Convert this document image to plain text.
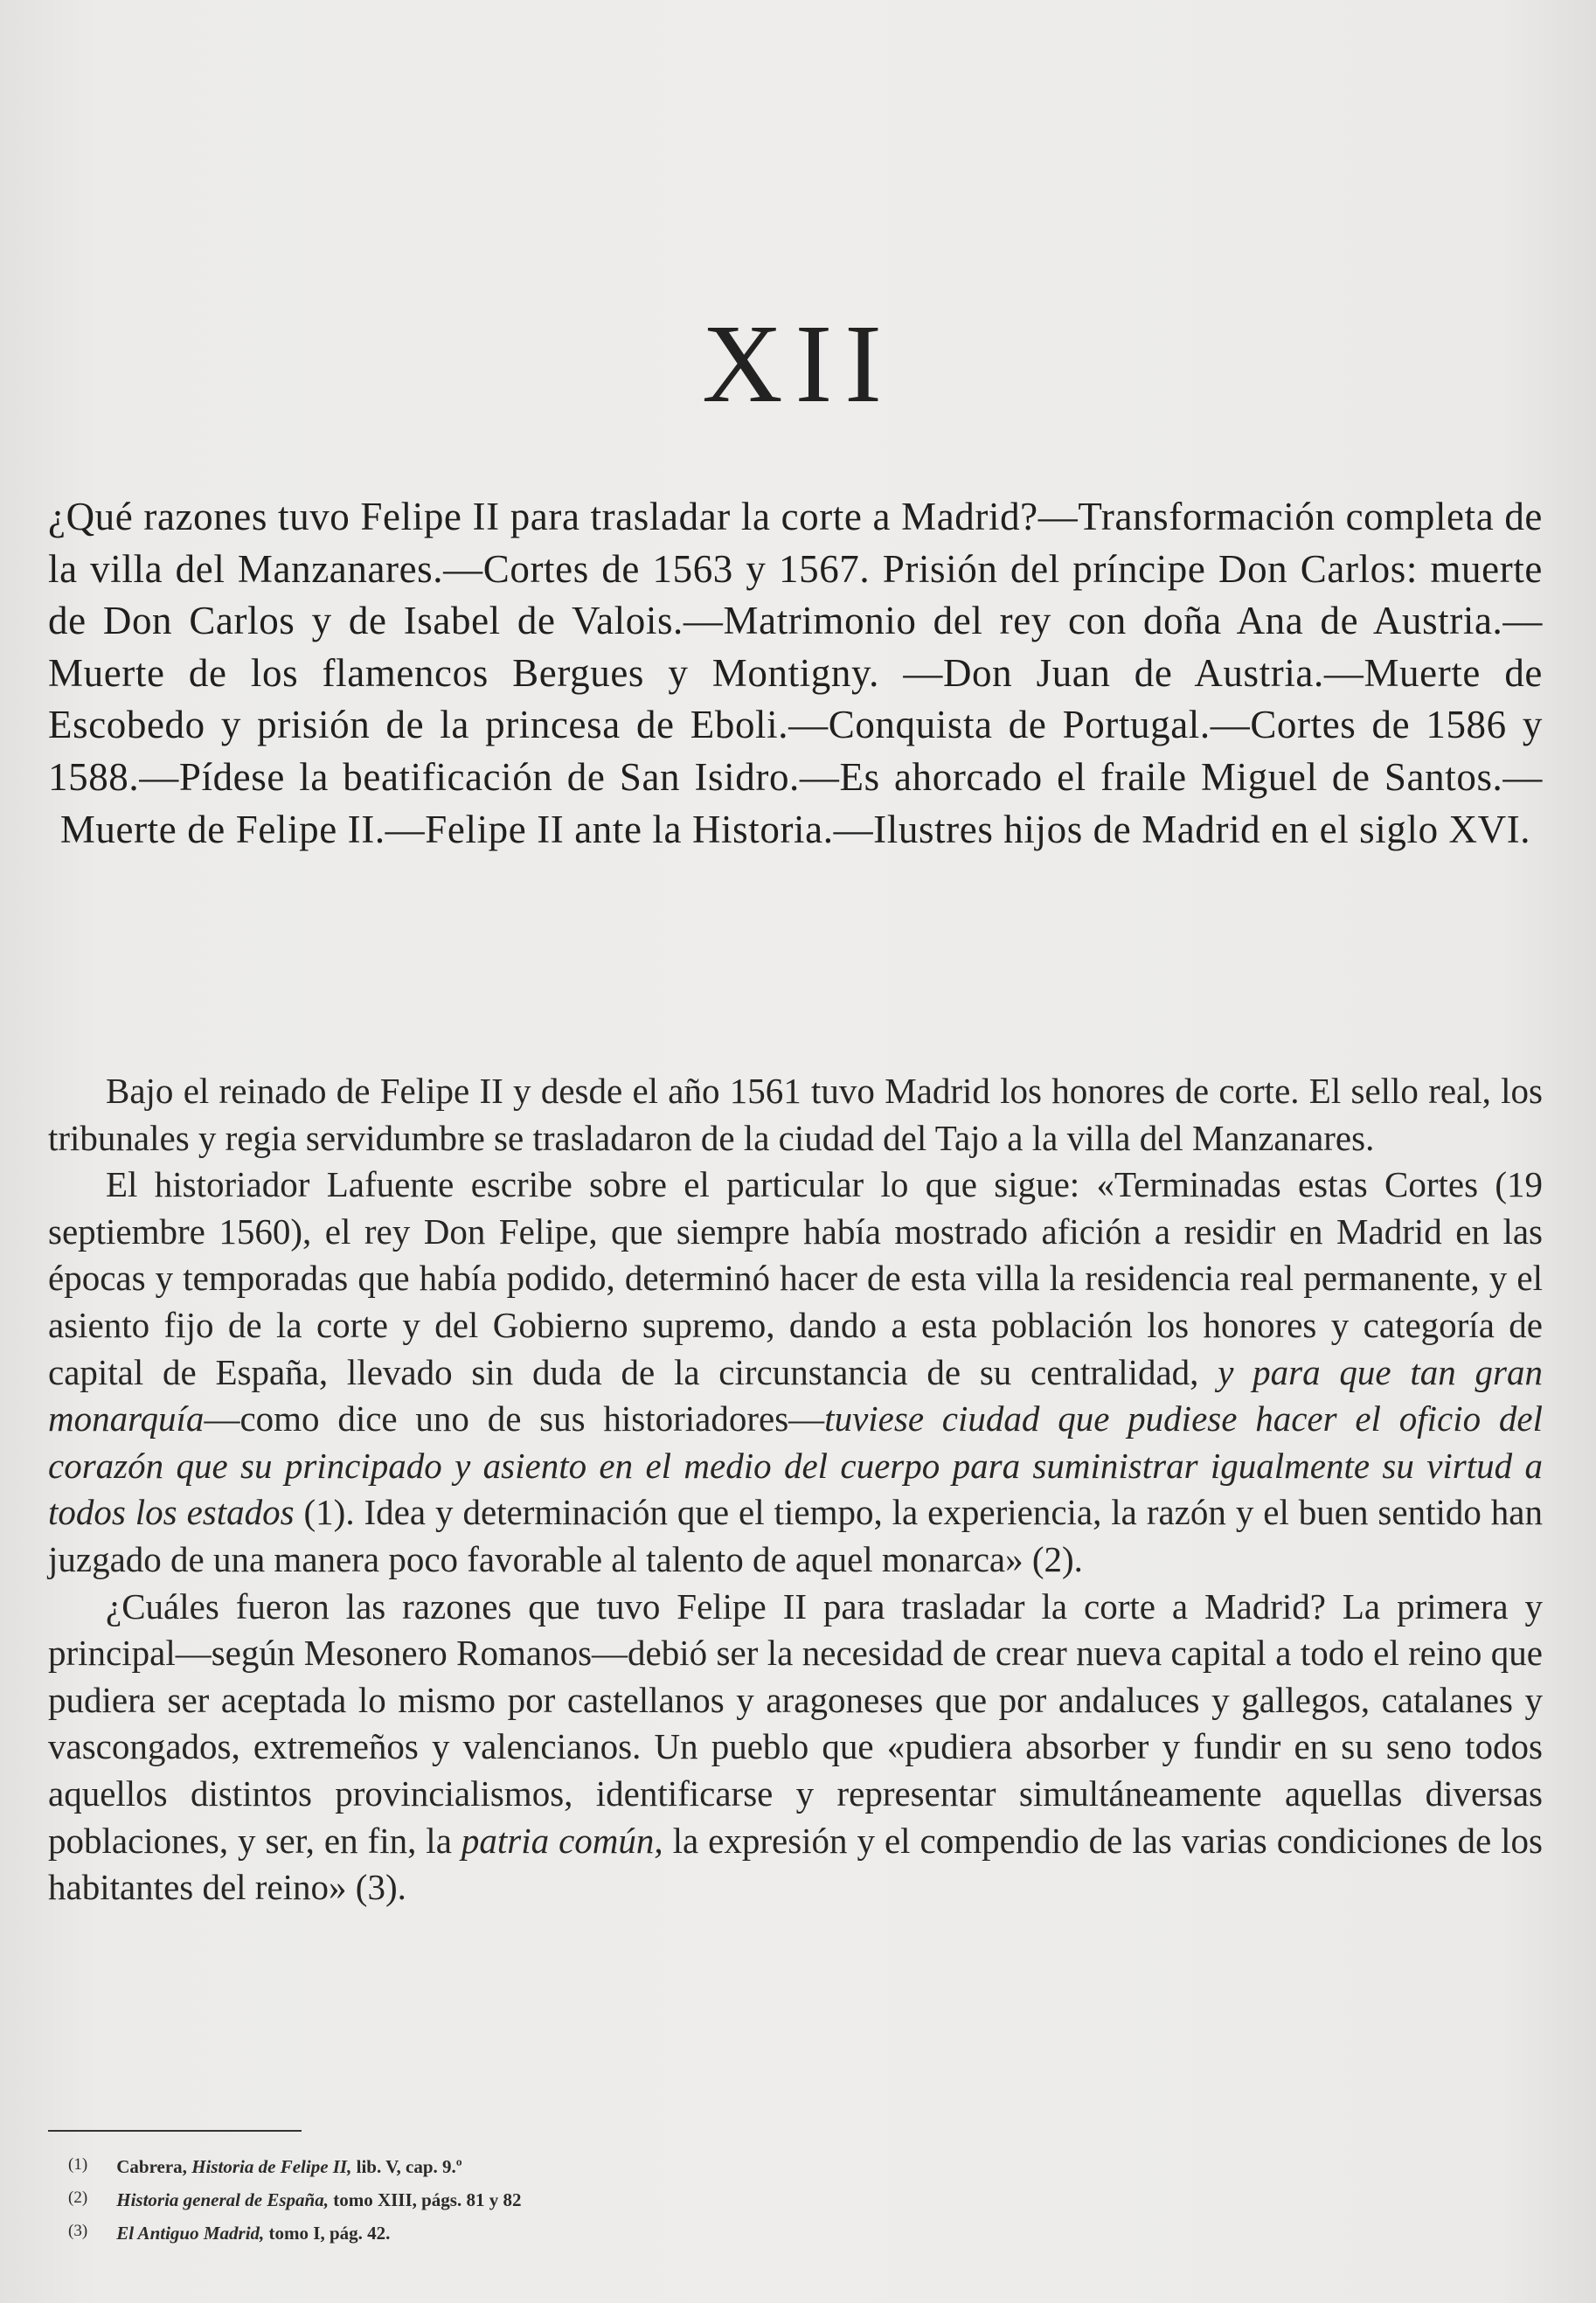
XII
¿Qué razones tuvo Felipe II para trasladar la corte a Madrid?—Transformación completa de la villa del Manzanares.—Cortes de 1563 y 1567. Prisión del príncipe Don Carlos: muerte de Don Carlos y de Isabel de Valois.—Matrimonio del rey con doña Ana de Austria.—Muerte de los flamencos Bergues y Montigny. —Don Juan de Austria.—Muerte de Escobedo y prisión de la princesa de Eboli.—Conquista de Portugal.—Cortes de 1586 y 1588.—Pídese la beatificación de San Isidro.—Es ahorcado el fraile Miguel de Santos.—Muerte de Felipe II.—Felipe II ante la Historia.—Ilustres hijos de Madrid en el siglo XVI.

Bajo el reinado de Felipe II y desde el año 1561 tuvo Madrid los honores de corte. El sello real, los tribunales y regia servidumbre se trasladaron de la ciudad del Tajo a la villa del Manzanares.

El historiador Lafuente escribe sobre el particular lo que sigue: «Terminadas estas Cortes (19 septiembre 1560), el rey Don Felipe, que siempre había mostrado afición a residir en Madrid en las épocas y temporadas que había podido, determinó hacer de esta villa la residencia real permanente, y el asiento fijo de la corte y del Gobierno supremo, dando a esta población los honores y categoría de capital de España, llevado sin duda de la circunstancia de su centralidad, y para que tan gran monarquía—como dice uno de sus historiadores—tuviese ciudad que pudiese hacer el oficio del corazón que su principado y asiento en el medio del cuerpo para suministrar igualmente su virtud a todos los estados (1). Idea y determinación que el tiempo, la experiencia, la razón y el buen sentido han juzgado de una manera poco favorable al talento de aquel monarca» (2).

¿Cuáles fueron las razones que tuvo Felipe II para trasladar la corte a Madrid? La primera y principal—según Mesonero Romanos—debió ser la necesidad de crear nueva capital a todo el reino que pudiera ser aceptada lo mismo por castellanos y aragoneses que por andaluces y gallegos, catalanes y vascongados, extremeños y valencianos. Un pueblo que «pudiera absorber y fundir en su seno todos aquellos distintos provincialismos, identificarse y representar simultáneamente aquellas diversas poblaciones, y ser, en fin, la patria común, la expresión y el compendio de las varias condiciones de los habitantes del reino» (3).

(1) Cabrera, Historia de Felipe II, lib. V, cap. 9.º
(2) Historia general de España, tomo XIII, págs. 81 y 82
(3) El Antiguo Madrid, tomo I, pág. 42.
